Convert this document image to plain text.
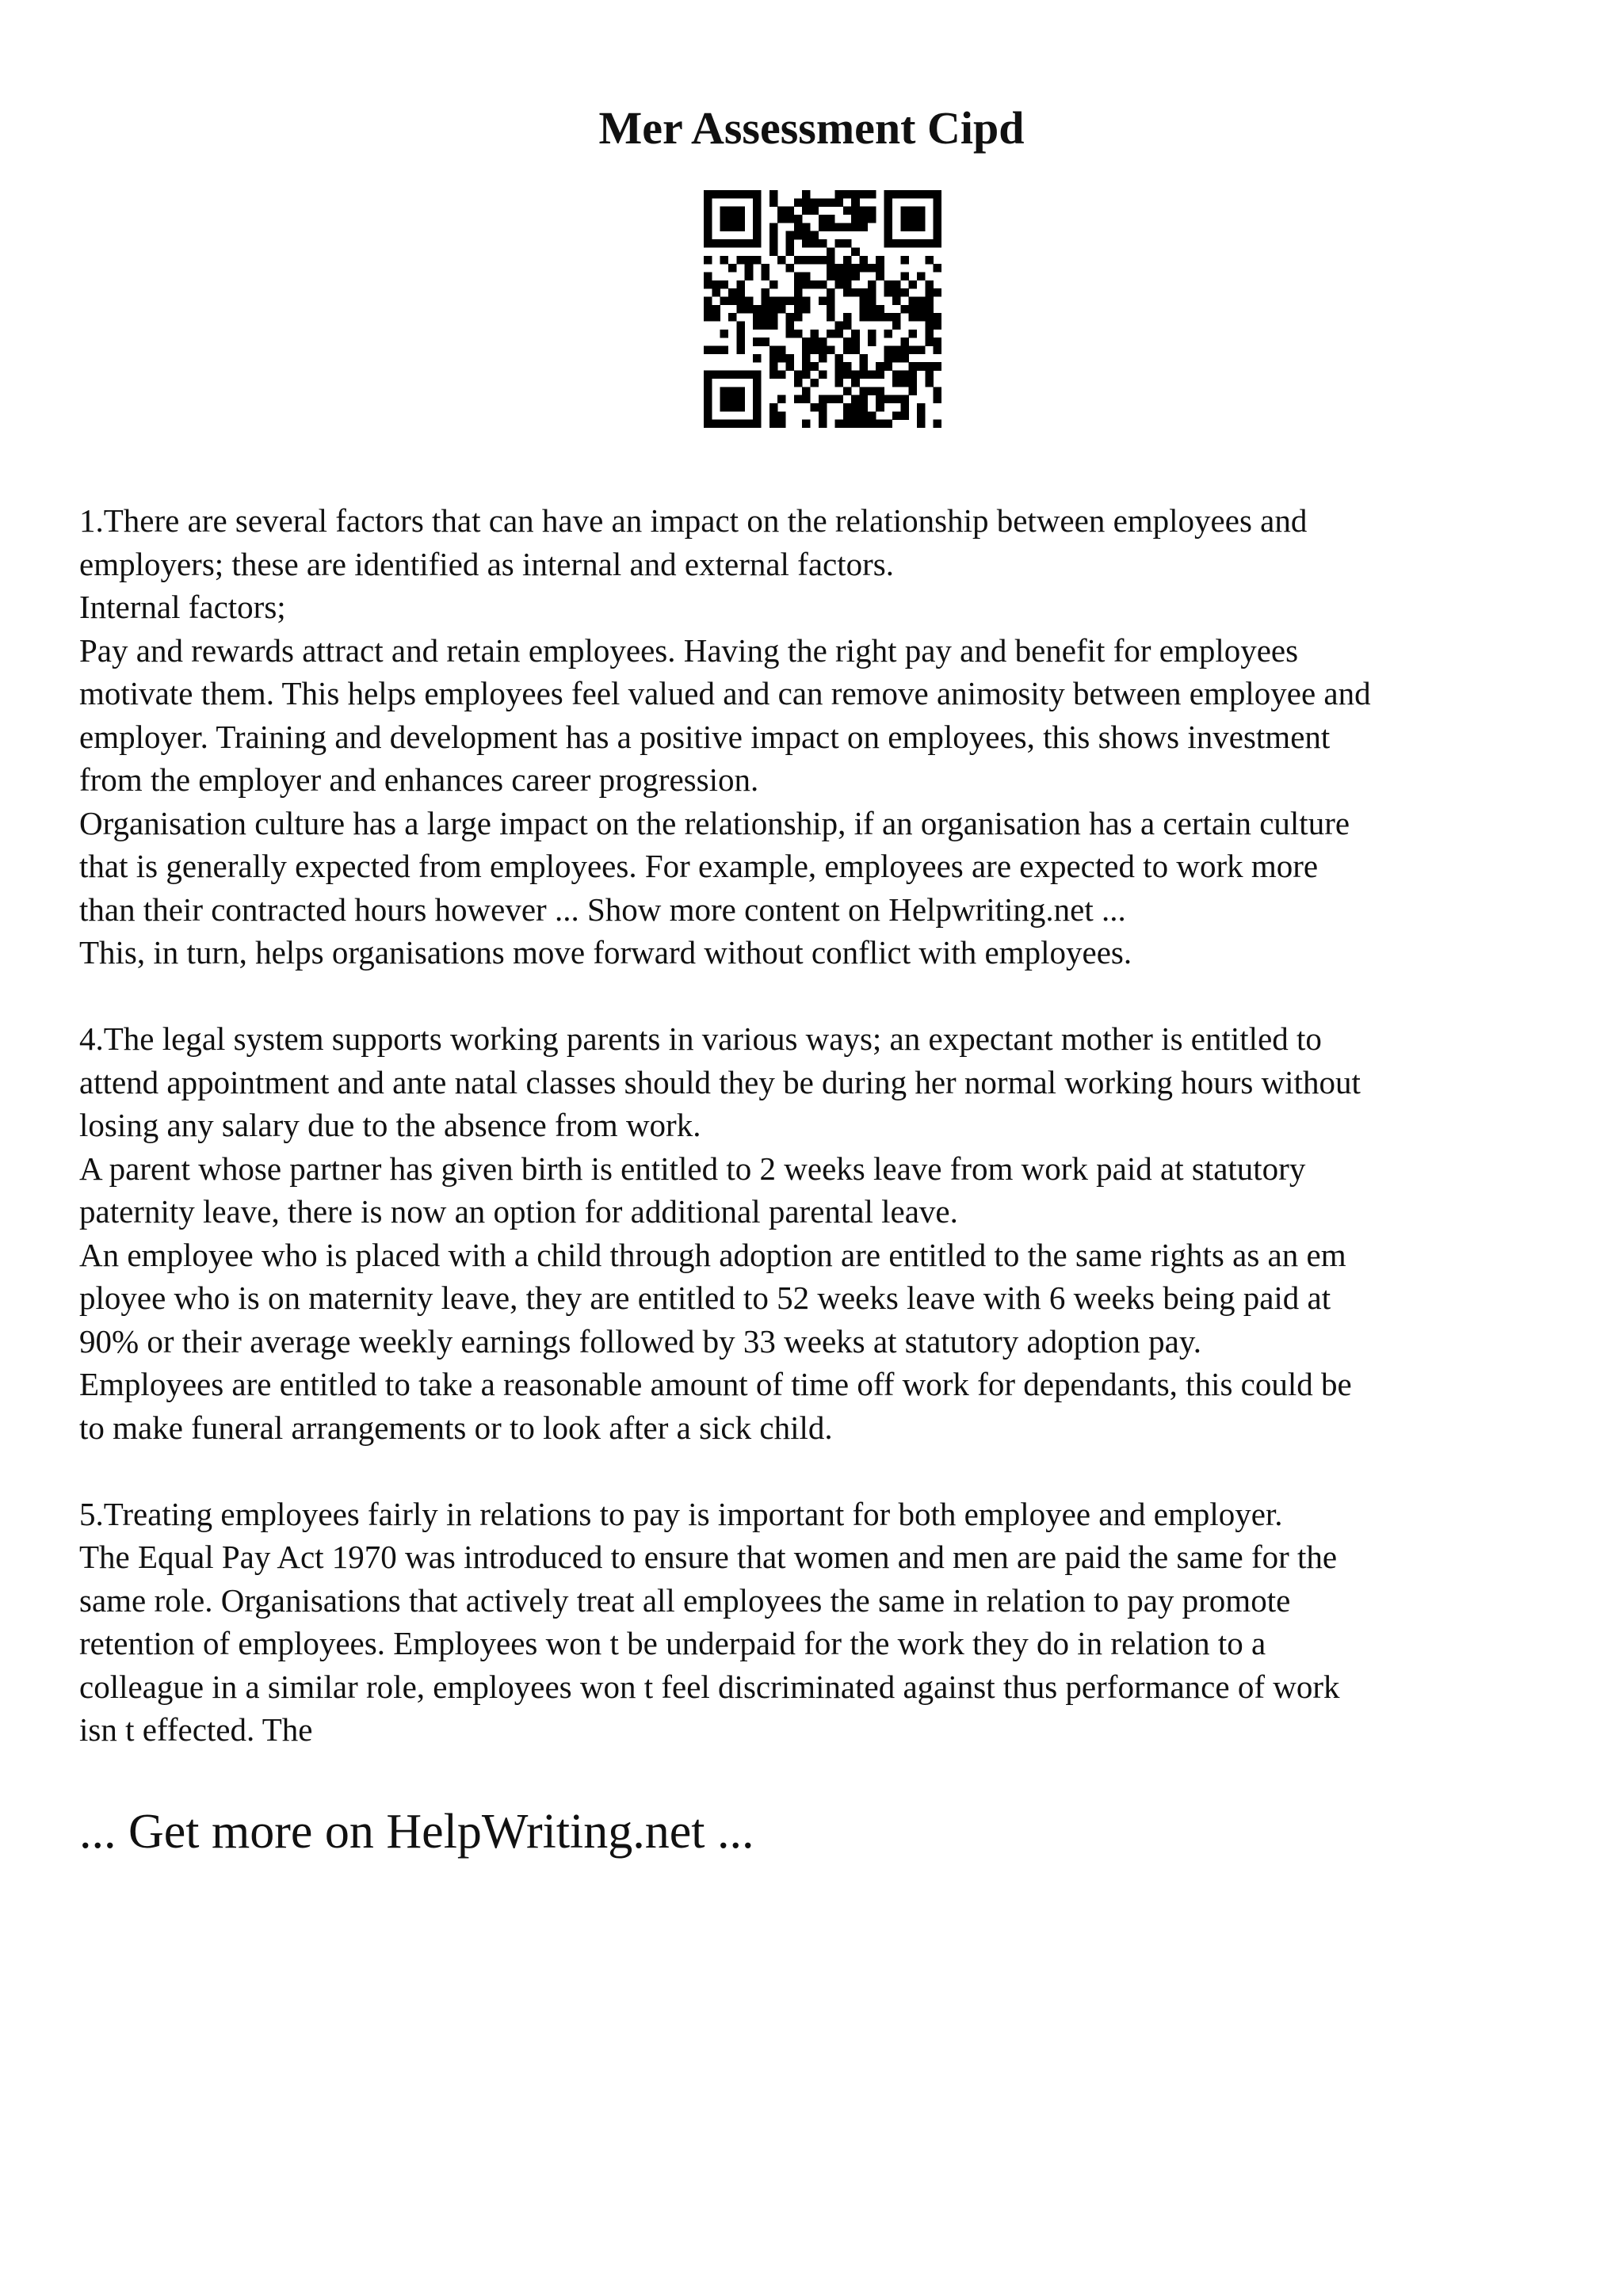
Mer Assessment Cipd

1.There are several factors that can have an impact on the relationship between employees and

employers; these are identified as internal and external factors.

Internal factors;

Pay and rewards attract and retain employees. Having the right pay and benefit for employees

motivate them. This helps employees feel valued and can remove animosity between employee and

employer. Training and development has a positive impact on employees, this shows investment

from the employer and enhances career progression.

Organisation culture has a large impact on the relationship, if an organisation has a certain culture

that is generally expected from employees. For example, employees are expected to work more

than their contracted hours however ... Show more content on Helpwriting.net ...

This, in turn, helps organisations move forward without conflict with employees.

4.The legal system supports working parents in various ways; an expectant mother is entitled to

attend appointment and ante natal classes should they be during her normal working hours without

losing any salary due to the absence from work.

A parent whose partner has given birth is entitled to 2 weeks leave from work paid at statutory

paternity leave, there is now an option for additional parental leave.

An employee who is placed with a child through adoption are entitled to the same rights as an em

ployee who is on maternity leave, they are entitled to 52 weeks leave with 6 weeks being paid at

90% or their average weekly earnings followed by 33 weeks at statutory adoption pay.

Employees are entitled to take a reasonable amount of time off work for dependants, this could be

to make funeral arrangements or to look after a sick child.

5.Treating employees fairly in relations to pay is important for both employee and employer.

The Equal Pay Act 1970 was introduced to ensure that women and men are paid the same for the

same role. Organisations that actively treat all employees the same in relation to pay promote

retention of employees. Employees won t be underpaid for the work they do in relation to a

colleague in a similar role, employees won t feel discriminated against thus performance of work

isn t effected. The

... Get more on HelpWriting.net ...
